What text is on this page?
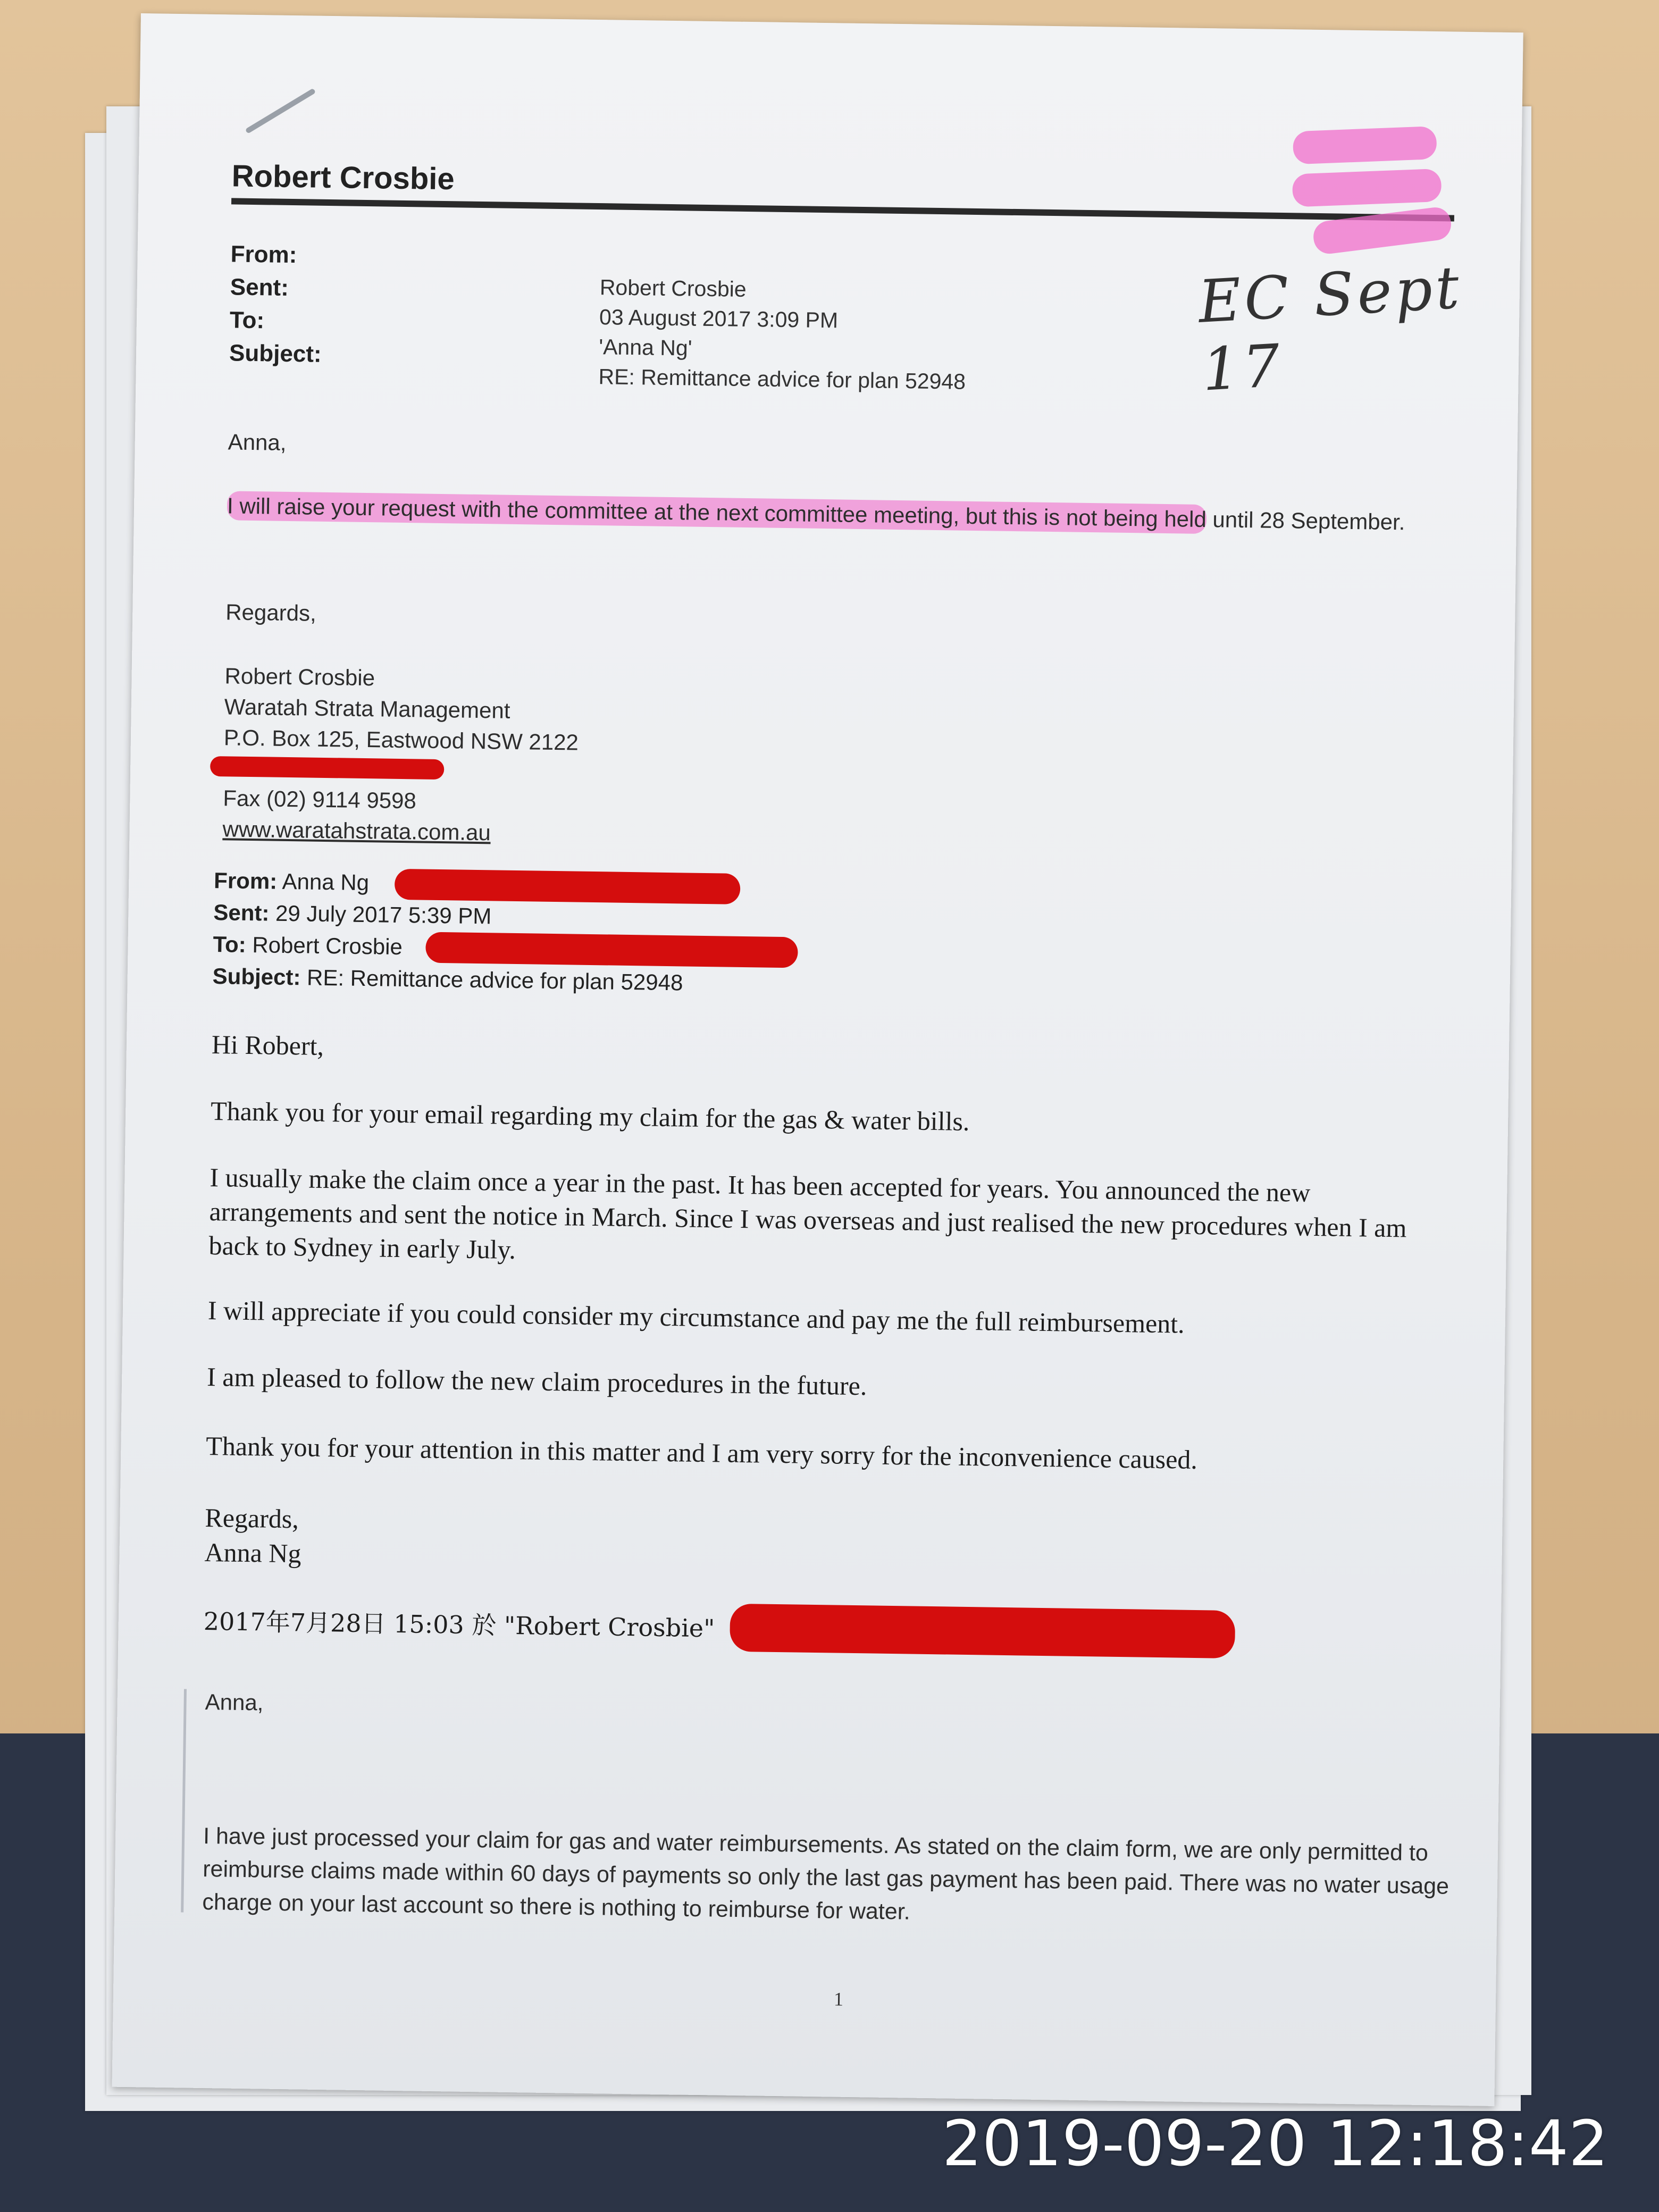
Robert Crosbie
EC Sept 17
From:
Sent:
To:
Subject:
Robert Crosbie
03 August 2017 3:09 PM
'Anna Ng'
RE: Remittance advice for plan 52948
Anna,
I will raise your request with the committee at the next committee meeting, but this is not being held until 28 September.
Regards,
Robert Crosbie
Waratah Strata Management
P.O. Box 125, Eastwood NSW 2122
Fax (02) 9114 9598
www.waratahstrata.com.au
From: Anna Ng
Sent: 29 July 2017 5:39 PM
To: Robert Crosbie
Subject: RE: Remittance advice for plan 52948
Hi Robert,
Thank you for your email regarding my claim for the gas & water bills.
I usually make the claim once a year in the past. It has been accepted for years. You announced the new arrangements and sent the notice in March. Since I was overseas and just realised the new procedures when I am back to Sydney in early July.
I will appreciate if you could consider my circumstance and pay me the full reimbursement.
I am pleased to follow the new claim procedures in the future.
Thank you for your attention in this matter and I am very sorry for the inconvenience caused.
Regards,
Anna Ng
2017年7月28日 15:03 於 "Robert Crosbie"
Anna,
I have just processed your claim for gas and water reimbursements. As stated on the claim form, we are only permitted to reimburse claims made within 60 days of payments so only the last gas payment has been paid. There was no water usage charge on your last account so there is nothing to reimburse for water.
1
2019-09-20 12:18:42
